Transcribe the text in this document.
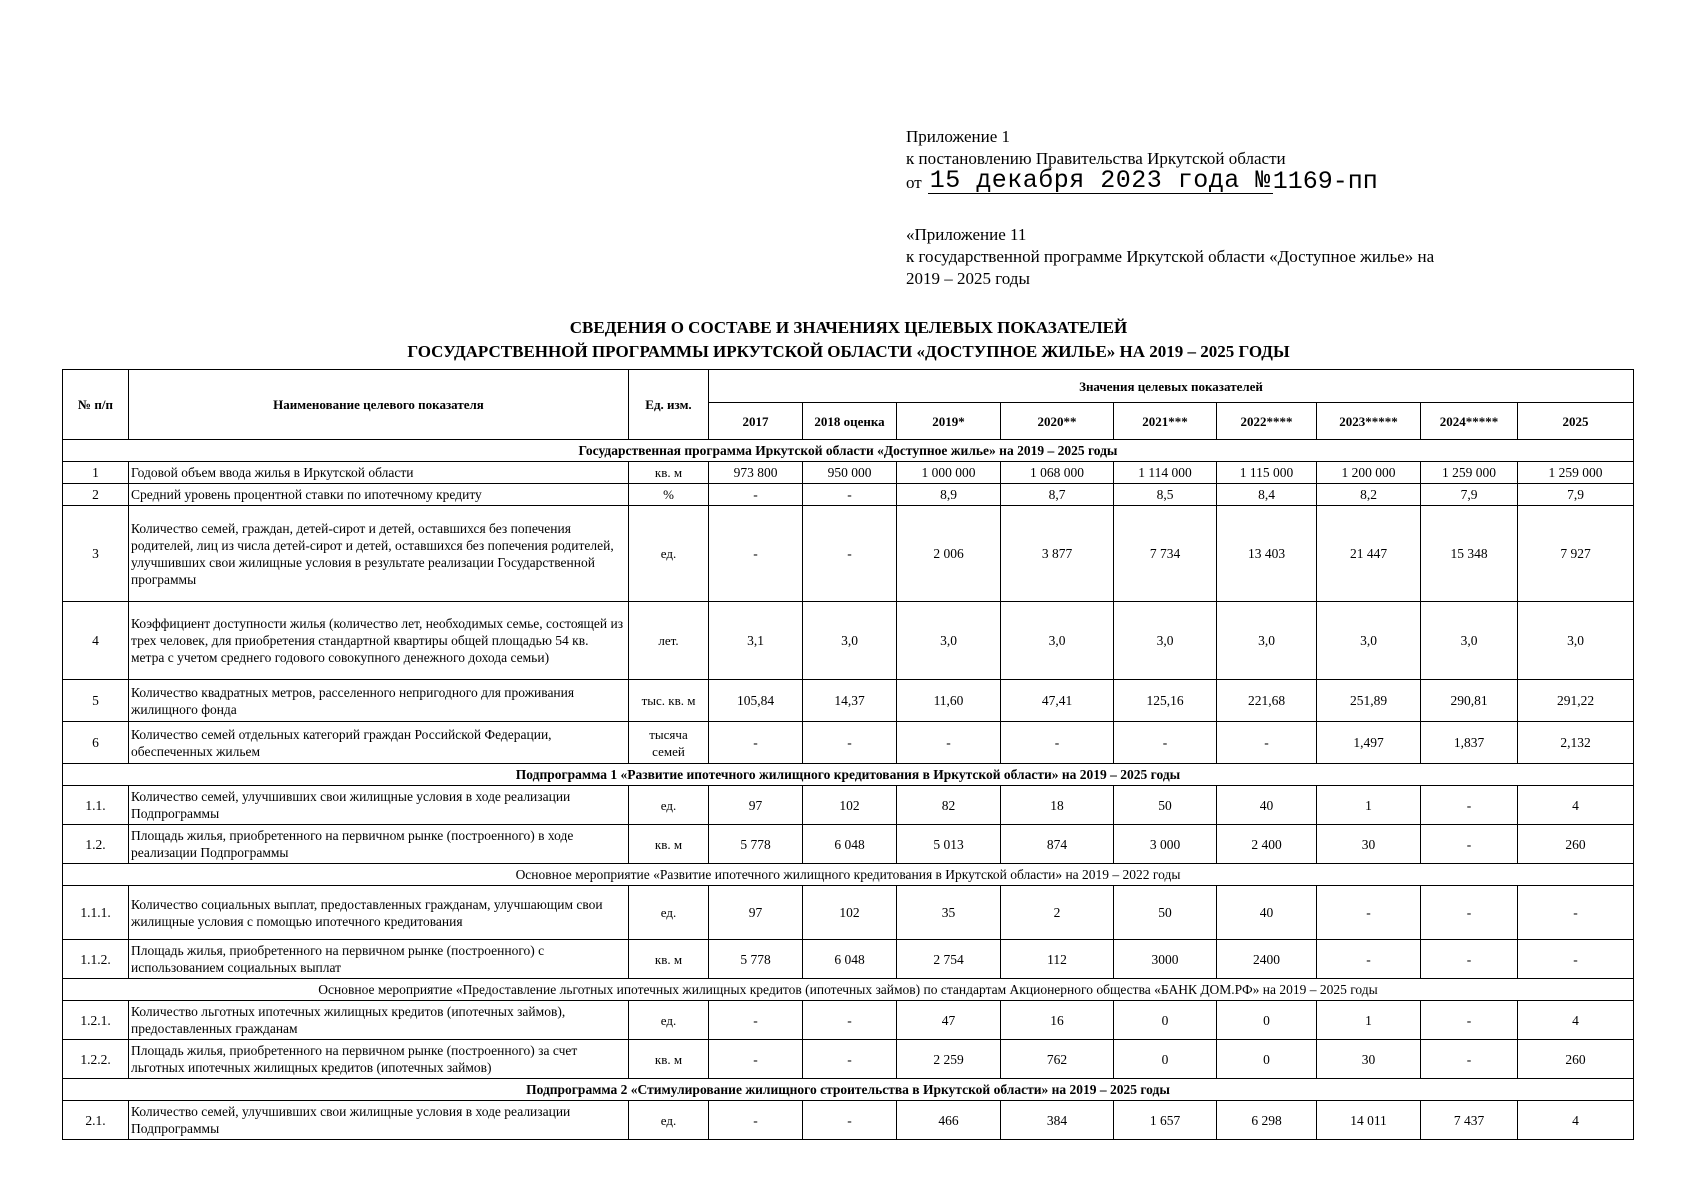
Приложение 1
к постановлению Правительства Иркутской области
от 15 декабря 2023 года № 1169-пп
«Приложение 11
к государственной программе Иркутской области «Доступное жилье» на
2019 – 2025 годы
СВЕДЕНИЯ О СОСТАВЕ И ЗНАЧЕНИЯХ ЦЕЛЕВЫХ ПОКАЗАТЕЛЕЙ
ГОСУДАРСТВЕННОЙ ПРОГРАММЫ ИРКУТСКОЙ ОБЛАСТИ «ДОСТУПНОЕ ЖИЛЬЕ» НА 2019 – 2025 ГОДЫ
№ п/п	Наименование целевого показателя	Ед. изм.	Значения целевых показателей								
			2017	2018 оценка	2019*	2020**	2021***	2022****	2023*****	2024*****	2025
Государственная программа Иркутской области «Доступное жилье» на 2019 – 2025 годы											
1	Годовой объем ввода жилья в Иркутской области	кв. м	973 800	950 000	1 000 000	1 068 000	1 114 000	1 115 000	1 200 000	1 259 000	1 259 000
2	Средний уровень процентной ставки по ипотечному кредиту	%	-	-	8,9	8,7	8,5	8,4	8,2	7,9	7,9
3	Количество семей, граждан, детей-сирот и детей, оставшихся без попечения родителей, лиц из числа детей-сирот и детей, оставшихся без попечения родителей, улучшивших свои жилищные условия в результате реализации Государственной программы	ед.	-	-	2 006	3 877	7 734	13 403	21 447	15 348	7 927
4	Коэффициент доступности жилья (количество лет, необходимых семье, состоящей из трех человек, для приобретения стандартной квартиры общей площадью 54 кв. метра с учетом среднего годового совокупного денежного дохода семьи)	лет.	3,1	3,0	3,0	3,0	3,0	3,0	3,0	3,0	3,0
5	Количество квадратных метров, расселенного непригодного для проживания жилищного фонда	тыс. кв. м	105,84	14,37	11,60	47,41	125,16	221,68	251,89	290,81	291,22
6	Количество семей отдельных категорий граждан Российской Федерации, обеспеченных жильем	тысяча семей	-	-	-	-	-	-	1,497	1,837	2,132
Подпрограмма 1 «Развитие ипотечного жилищного кредитования в Иркутской области» на 2019 – 2025 годы											
1.1.	Количество семей, улучшивших свои жилищные условия в ходе реализации Подпрограммы	ед.	97	102	82	18	50	40	1	-	4
1.2.	Площадь жилья, приобретенного на первичном рынке (построенного) в ходе реализации Подпрограммы	кв. м	5 778	6 048	5 013	874	3 000	2 400	30	-	260
Основное мероприятие «Развитие ипотечного жилищного кредитования в Иркутской области» на 2019 – 2022 годы											
1.1.1.	Количество социальных выплат, предоставленных гражданам, улучшающим свои жилищные условия с помощью ипотечного кредитования	ед.	97	102	35	2	50	40	-	-	-
1.1.2.	Площадь жилья, приобретенного на первичном рынке (построенного) с использованием социальных выплат	кв. м	5 778	6 048	2 754	112	3000	2400	-	-	-
Основное мероприятие «Предоставление льготных ипотечных жилищных кредитов (ипотечных займов) по стандартам Акционерного общества «БАНК ДОМ.РФ» на 2019 – 2025 годы											
1.2.1.	Количество льготных ипотечных жилищных кредитов (ипотечных займов), предоставленных гражданам	ед.	-	-	47	16	0	0	1	-	4
1.2.2.	Площадь жилья, приобретенного на первичном рынке (построенного) за счет льготных ипотечных жилищных кредитов (ипотечных займов)	кв. м	-	-	2 259	762	0	0	30	-	260
Подпрограмма 2 «Стимулирование жилищного строительства в Иркутской области» на 2019 – 2025 годы											
2.1.	Количество семей, улучшивших свои жилищные условия в ходе реализации Подпрограммы	ед.	-	-	466	384	1 657	6 298	14 011	7 437	4
